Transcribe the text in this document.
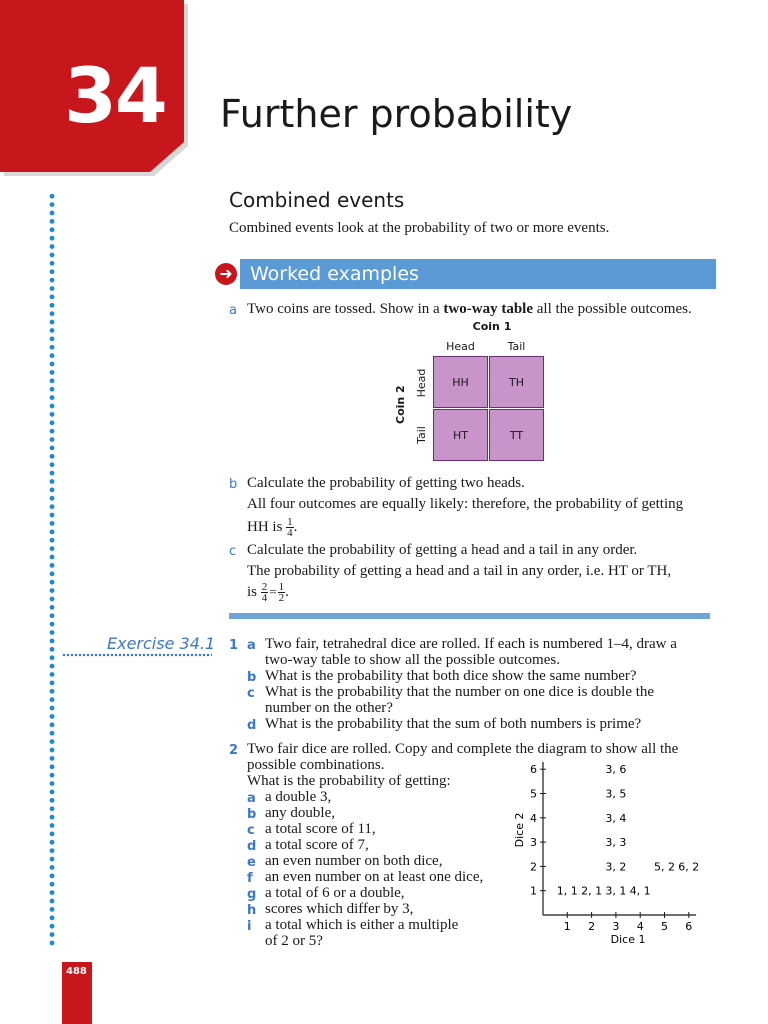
34 Further probability
Combined events
Combined events look at the probability of two or more events.
➜ Worked examples
a Two coins are tossed. Show in a two-way table all the possible outcomes.
Coin 1
Head	Tail
Coin 2
Head
Tail
HH	TH
HT	TT
b Calculate the probability of getting two heads.
All four outcomes are equally likely: therefore, the probability of getting
HH is $\frac{1}{4}$ .
c Calculate the probability of getting a head and a tail in any order.
The probability of getting a head and a tail in any order, i.e. HT or TH,
is $\frac{2}{4} = \frac{1}{2}$ .
Exercise 34.1 1 a Two fair, tetrahedral dice are rolled. If each is numbered 1–4, draw a
two-way table to show all the possible outcomes.
b What is the probability that both dice show the same number?
c What is the probability that the number on one dice is double the
number on the other?
d What is the probability that the sum of both numbers is prime?
2 Two fair dice are rolled. Copy and complete the diagram to show all the
possible combinations.
What is the probability of getting:
a a double 3,
b any double,
c a total score of 11,
d a total score of 7,
e an even number on both dice,
f an even number on at least one dice,
g a total of 6 or a double,
h scores which differ by 3,
i a total which is either a multiple
of 2 or 5?
1 2 3 4 5 6
1
2
3
4
5
6
1, 1 2, 1 3, 1 4, 1
3, 2	5, 2 6, 2
3, 3
3, 4
3, 5
3, 6
Dice 1
Dice 2
488
